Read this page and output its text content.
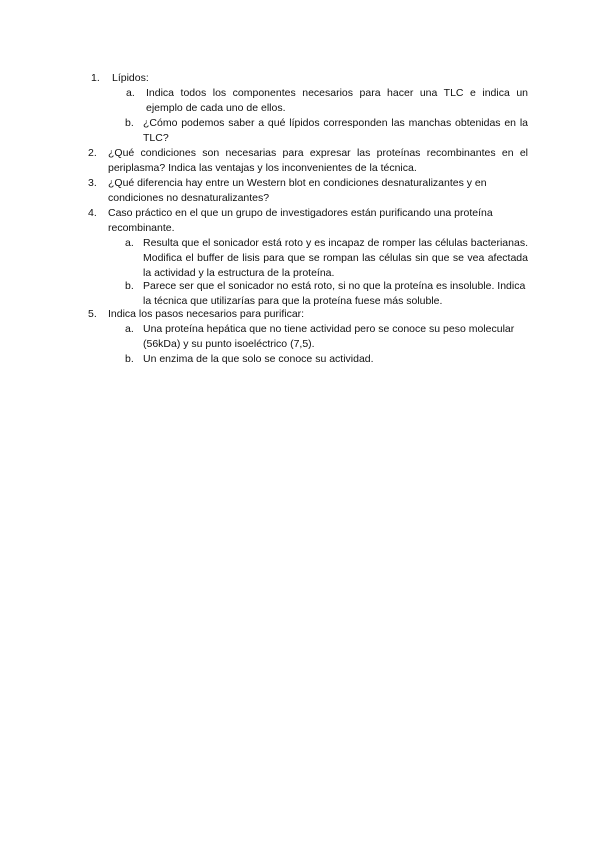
1. Lípidos:
a. Indica todos los componentes necesarios para hacer una TLC e indica un ejemplo de cada uno de ellos.
b. ¿Cómo podemos saber a qué lípidos corresponden las manchas obtenidas en la TLC?
2. ¿Qué condiciones son necesarias para expresar las proteínas recombinantes en el periplasma? Indica las ventajas y los inconvenientes de la técnica.
3. ¿Qué diferencia hay entre un Western blot en condiciones desnaturalizantes y en condiciones no desnaturalizantes?
4. Caso práctico en el que un grupo de investigadores están purificando una proteína recombinante.
a. Resulta que el sonicador está roto y es incapaz de romper las células bacterianas. Modifica el buffer de lisis para que se rompan las células sin que se vea afectada la actividad y la estructura de la proteína.
b. Parece ser que el sonicador no está roto, si no que la proteína es insoluble. Indica la técnica que utilizarías para que la proteína fuese más soluble.
5. Indica los pasos necesarios para purificar:
a. Una proteína hepática que no tiene actividad pero se conoce su peso molecular (56kDa) y su punto isoeléctrico (7,5).
b. Un enzima de la que solo se conoce su actividad.
